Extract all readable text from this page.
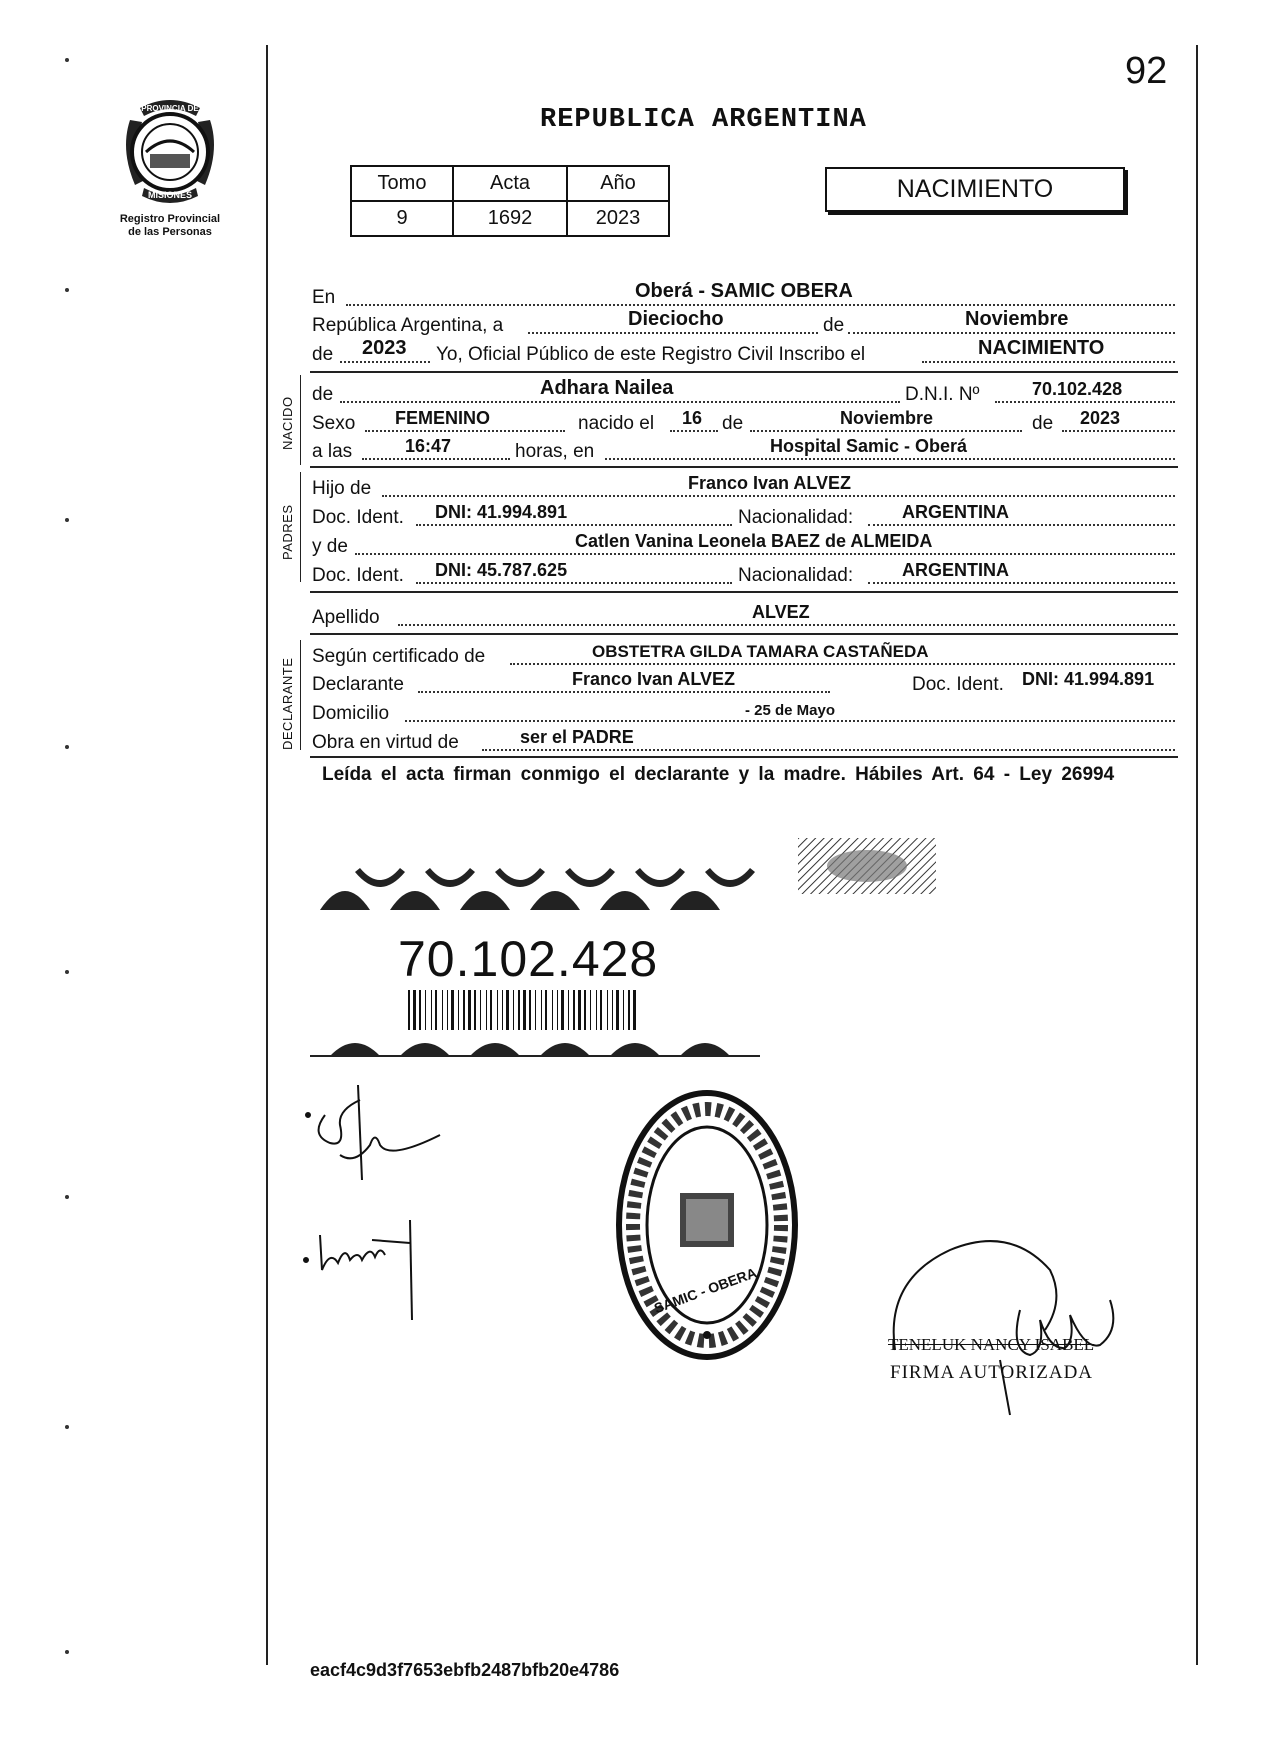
PROVINCIA DE
MISIONES
Registro Provincial
de las Personas
92
REPUBLICA ARGENTINA
Tomo	Acta	Año
9	1692	2023
NACIMIENTO
En	Oberá - SAMIC OBERA
República Argentina, a	Dieciocho	de	Noviembre
de 2023 Yo, Oficial Público de este Registro Civil Inscribo el	NACIMIENTO
NACIDO
de	Adhara Nailea	D.N.I. Nº	70.102.428
Sexo FEMENINO	nacido el 16 de	Noviembre	de 2023
a las	16:47	horas, en	Hospital Samic - Oberá
PADRES
Hijo de	Franco Ivan ALVEZ
Doc. Ident. DNI: 41.994.891	Nacionalidad:	ARGENTINA
y de	Catlen Vanina Leonela BAEZ de ALMEIDA
Doc. Ident. DNI: 45.787.625	Nacionalidad:	ARGENTINA
Apellido	ALVEZ
DECLARANTE
Según certificado de	OBSTETRA GILDA TAMARA CASTAÑEDA
Declarante	Franco Ivan ALVEZ	Doc. Ident. DNI: 41.994.891
Domicilio	- 25 de Mayo
Obra en virtud de	ser el PADRE
Leída el acta firman conmigo el declarante y la madre. Hábiles Art. 64 - Ley 26994
70.102.428
SAMIC - OBERA
TENELUK NANCY ISABEL
FIRMA AUTORIZADA
eacf4c9d3f7653ebfb2487bfb20e4786
